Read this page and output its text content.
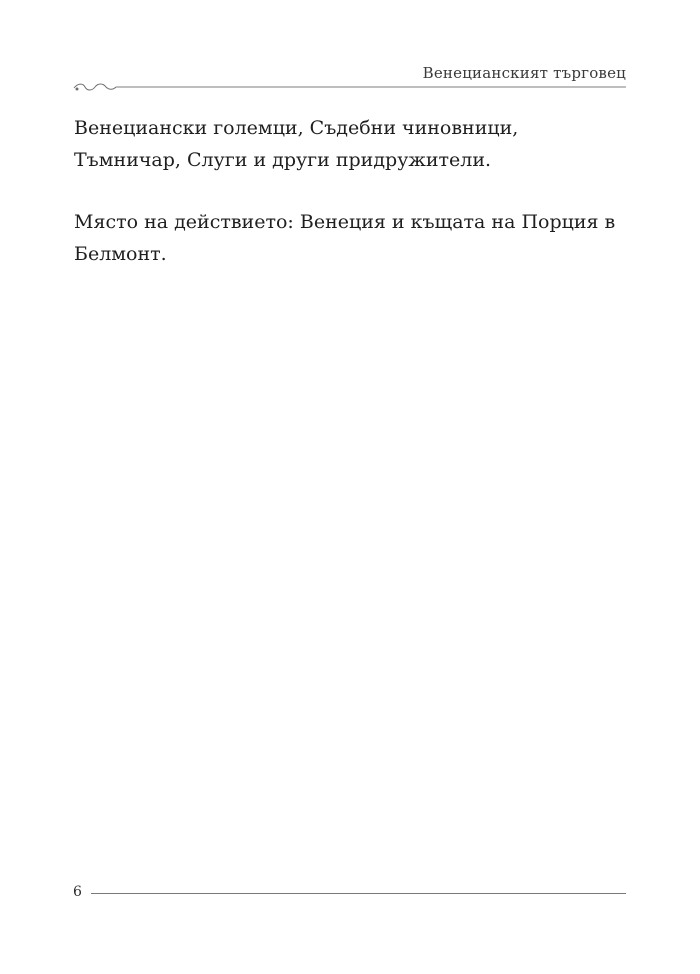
Венецианският търговец

Венециански големци, Съдебни чиновници, Тъмничар, Слуги и други придружители.

Място на действието: Венеция и къщата на Порция в Белмонт.

6
